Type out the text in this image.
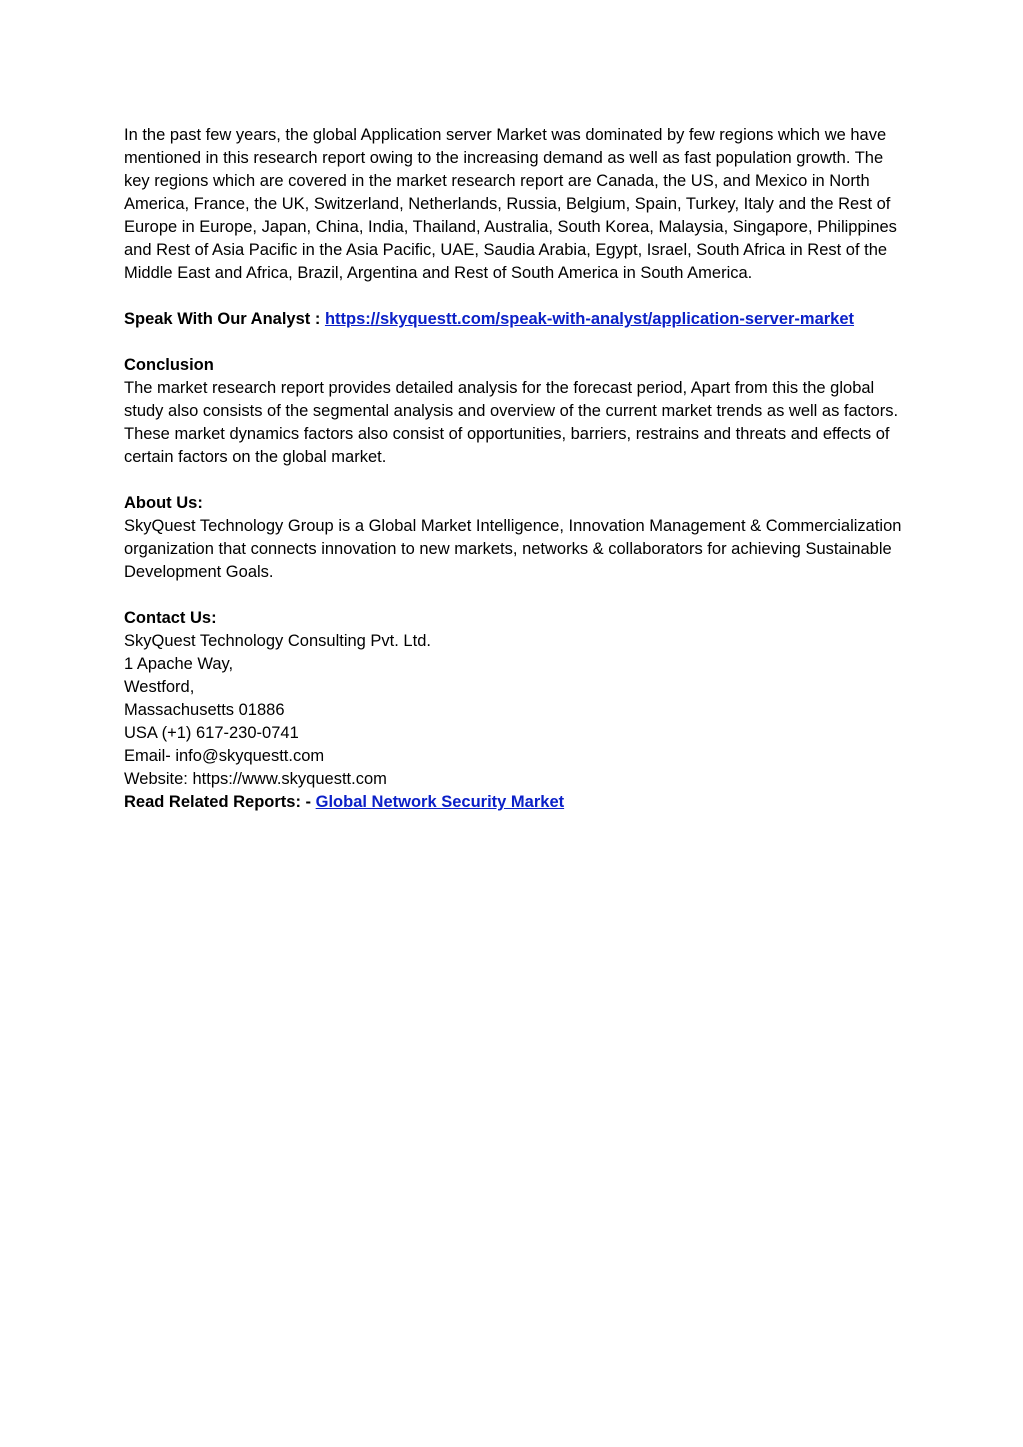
In the past few years, the global Application server Market was dominated by few regions which we have mentioned in this research report owing to the increasing demand as well as fast population growth. The key regions which are covered in the market research report are Canada, the US, and Mexico in North America, France, the UK, Switzerland, Netherlands, Russia, Belgium, Spain, Turkey, Italy and the Rest of Europe in Europe, Japan, China, India, Thailand, Australia, South Korea, Malaysia, Singapore, Philippines and Rest of Asia Pacific in the Asia Pacific, UAE, Saudia Arabia, Egypt, Israel, South Africa in Rest of the Middle East and Africa, Brazil, Argentina and Rest of South America in South America.

Speak With Our Analyst : https://skyquestt.com/speak-with-analyst/application-server-market

Conclusion

The market research report provides detailed analysis for the forecast period, Apart from this the global study also consists of the segmental analysis and overview of the current market trends as well as factors. These market dynamics factors also consist of opportunities, barriers, restrains and threats and effects of certain factors on the global market.

About Us:

SkyQuest Technology Group is a Global Market Intelligence, Innovation Management & Commercialization organization that connects innovation to new markets, networks & collaborators for achieving Sustainable Development Goals.

Contact Us:

SkyQuest Technology Consulting Pvt. Ltd.
1 Apache Way,
Westford,
Massachusetts 01886
USA (+1) 617-230-0741
Email- info@skyquestt.com
Website: https://www.skyquestt.com

Read Related Reports: - Global Network Security Market
